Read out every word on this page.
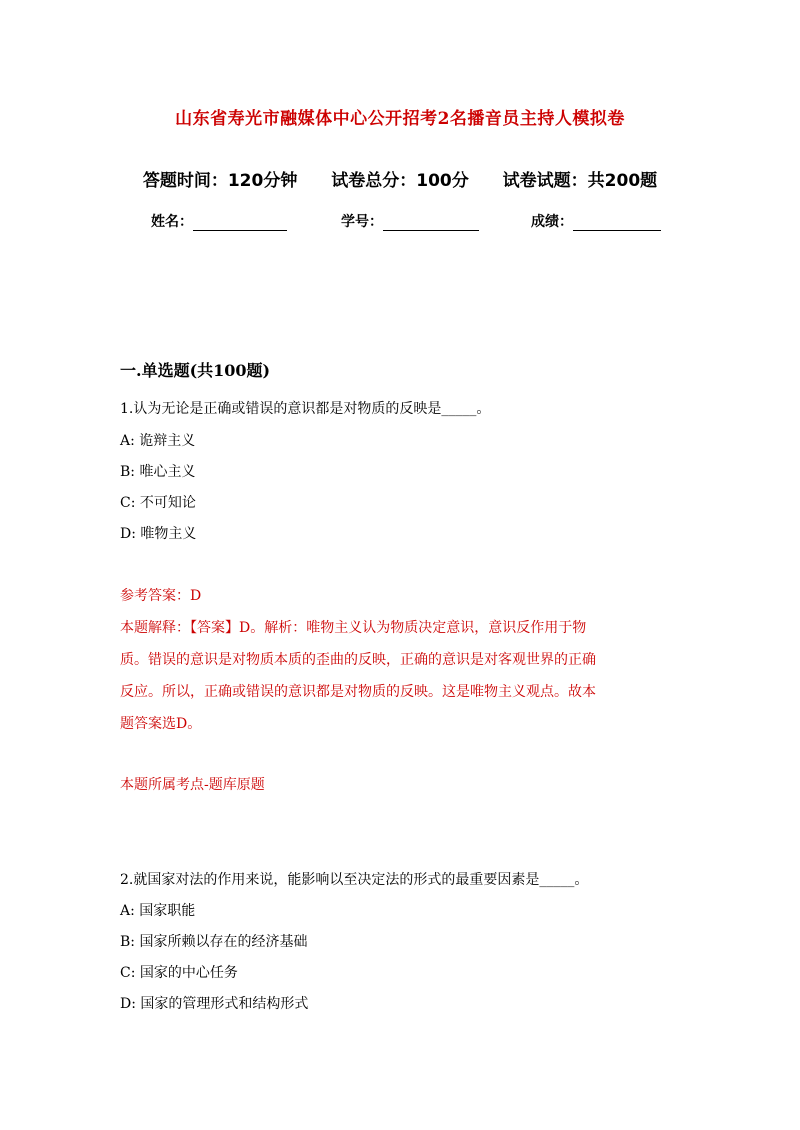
山东省寿光市融媒体中心公开招考2名播音员主持人模拟卷
答题时间：120分钟 试卷总分：100分 试卷试题：共200题
姓名：	学号：	成绩：
一.单选题(共100题)
1.认为无论是正确或错误的意识都是对物质的反映是_____。
A: 诡辩主义
B: 唯心主义
C: 不可知论
D: 唯物主义
参考答案：D
本题解释：【答案】D。解析：唯物主义认为物质决定意识，意识反作用于物
质。错误的意识是对物质本质的歪曲的反映，正确的意识是对客观世界的正确
反应。所以，正确或错误的意识都是对物质的反映。这是唯物主义观点。故本
题答案选D。
本题所属考点-题库原题
2.就国家对法的作用来说，能影响以至决定法的形式的最重要因素是_____。
A: 国家职能
B: 国家所赖以存在的经济基础
C: 国家的中心任务
D: 国家的管理形式和结构形式
